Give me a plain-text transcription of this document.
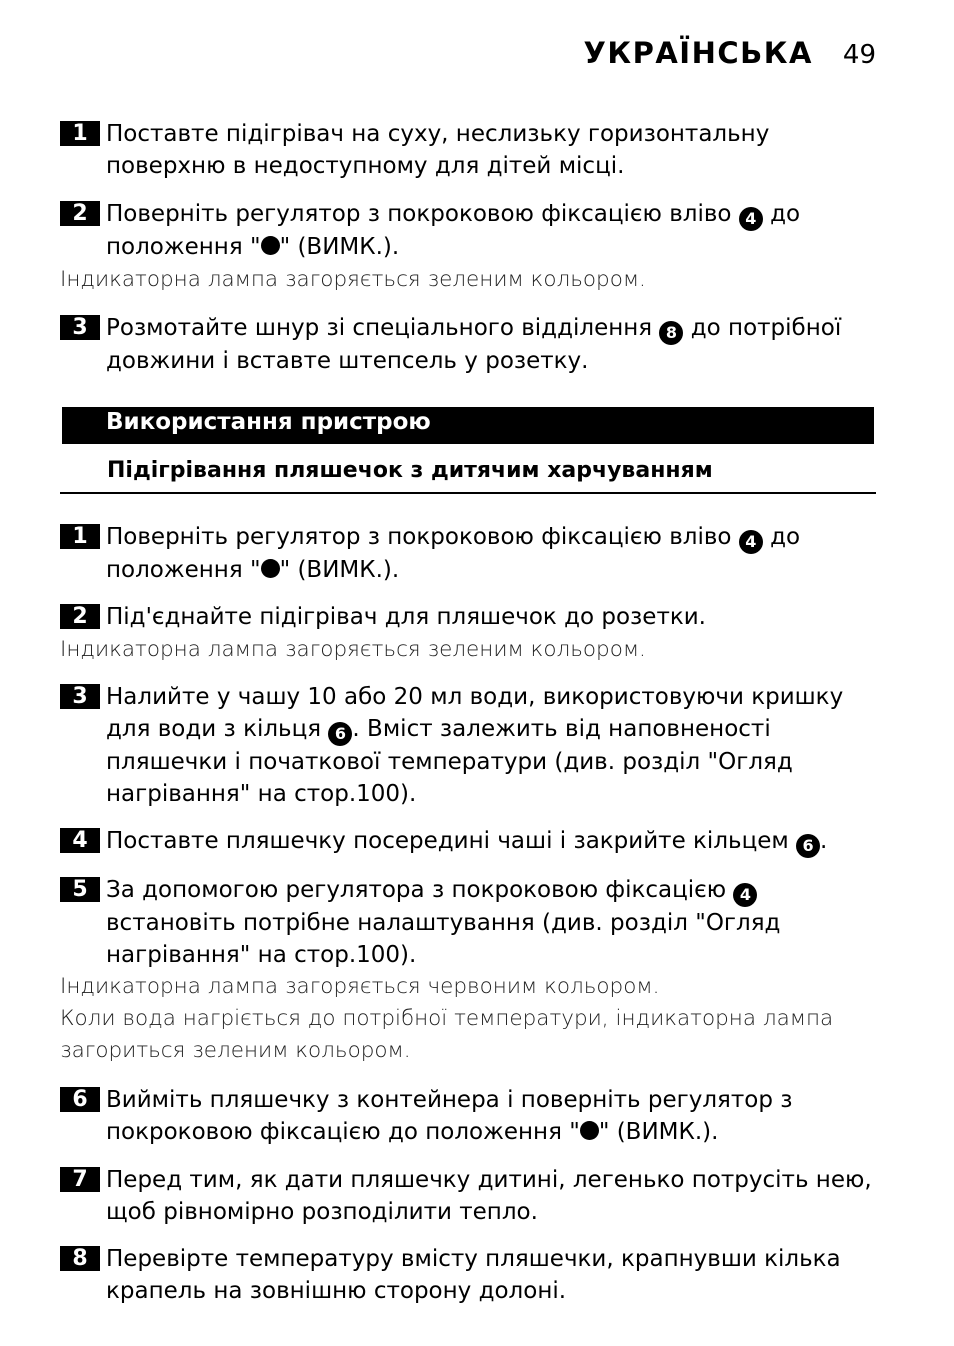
УКРАЇНСЬКА 49
1 Поставте підігрівач на суху, неслизьку горизонтальну
поверхню в недоступному для дітей місці.
2 Поверніть регулятор з покроковою фіксацією вліво 4 до
положення " " (ВИМК.).
Індикаторна лампа загоряється зеленим кольором.
3 Розмотайте шнур зі спеціального відділення 8 до потрібної
довжини і вставте штепсель у розетку.
Використання пристрою
Підігрівання пляшечок з дитячим харчуванням
1 Поверніть регулятор з покроковою фіксацією вліво 4 до
положення " " (ВИМК.).
2 Під'єднайте підігрівач для пляшечок до розетки.
Індикаторна лампа загоряється зеленим кольором.
3 Налийте у чашу 10 або 20 мл води, використовуючи кришку
для води з кільця 6 . Вміст залежить від наповненості
пляшечки і початкової температури (див. розділ "Огляд
нагрівання" на стор.100).
4 Поставте пляшечку посередині чаші і закрийте кільцем 6 .
5 За допомогою регулятора з покроковою фіксацією 4
встановіть потрібне налаштування (див. розділ "Огляд
нагрівання" на стор.100).
Індикаторна лампа загоряється червоним кольором.
Коли вода нагріється до потрібної температури, індикаторна лампа
загориться зеленим кольором.
6 Вийміть пляшечку з контейнера і поверніть регулятор з
покроковою фіксацією до положення " " (ВИМК.).
7 Перед тим, як дати пляшечку дитині, легенько потрусіть нею,
щоб рівномірно розподілити тепло.
8 Перевірте температуру вмісту пляшечки, крапнувши кілька
крапель на зовнішню сторону долоні.
